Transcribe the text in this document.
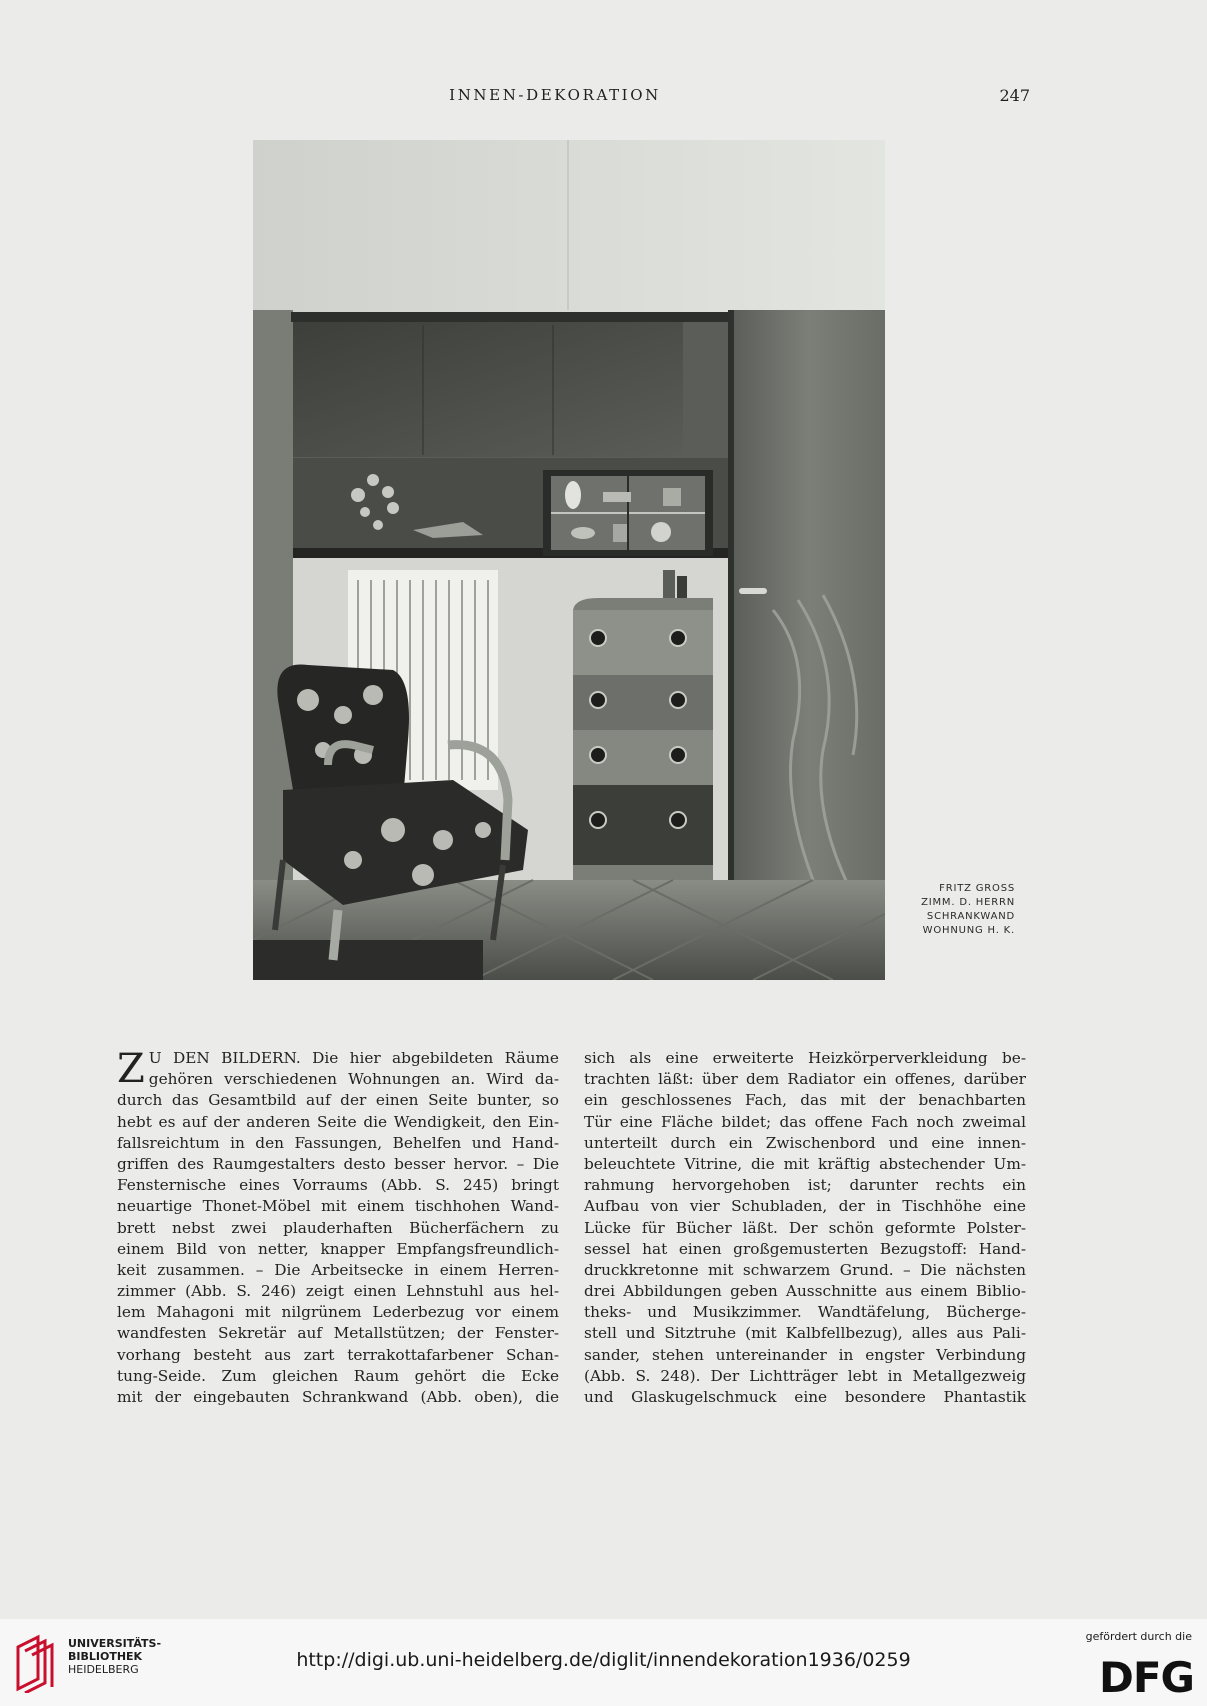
INNEN-DEKORATION	247
FRITZ GROSS
ZIMM. D. HERRN
SCHRANKWAND
WOHNUNG H. K.
Z U DEN BILDERN. Die hier abgebildeten Räume
gehören verschiedenen Wohnungen an. Wird da-
durch das Gesamtbild auf der einen Seite bunter, so
hebt es auf der anderen Seite die Wendigkeit, den Ein-
fallsreichtum in den Fassungen, Behelfen und Hand-
griffen des Raumgestalters desto besser hervor. – Die
Fensternische eines Vorraums (Abb. S. 245) bringt
neuartige Thonet-Möbel mit einem tischhohen Wand-
brett nebst zwei plauderhaften Bücherfächern zu
einem Bild von netter, knapper Empfangsfreundlich-
keit zusammen. – Die Arbeitsecke in einem Herren-
zimmer (Abb. S. 246) zeigt einen Lehnstuhl aus hel-
lem Mahagoni mit nilgrünem Lederbezug vor einem
wandfesten Sekretär auf Metallstützen; der Fenster-
vorhang besteht aus zart terrakottafarbener Schan-
tung-Seide. Zum gleichen Raum gehört die Ecke
mit der eingebauten Schrankwand (Abb. oben), die
sich als eine erweiterte Heizkörperverkleidung be-
trachten läßt: über dem Radiator ein offenes, darüber
ein geschlossenes Fach, das mit der benachbarten
Tür eine Fläche bildet; das offene Fach noch zweimal
unterteilt durch ein Zwischenbord und eine innen-
beleuchtete Vitrine, die mit kräftig abstechender Um-
rahmung hervorgehoben ist; darunter rechts ein
Aufbau von vier Schubladen, der in Tischhöhe eine
Lücke für Bücher läßt. Der schön geformte Polster-
sessel hat einen großgemusterten Bezugstoff: Hand-
druckkretonne mit schwarzem Grund. – Die nächsten
drei Abbildungen geben Ausschnitte aus einem Biblio-
theks- und Musikzimmer. Wandtäfelung, Bücherge-
stell und Sitztruhe (mit Kalbfellbezug), alles aus Pali-
sander, stehen untereinander in engster Verbindung
(Abb. S. 248). Der Lichtträger lebt in Metallgezweig
und Glaskugelschmuck eine besondere Phantastik
UNIVERSITÄTS-
BIBLIOTHEK
HEIDELBERG	http://digi.ub.uni-heidelberg.de/diglit/innendekoration1936/0259
gefördert durch die
DFG
